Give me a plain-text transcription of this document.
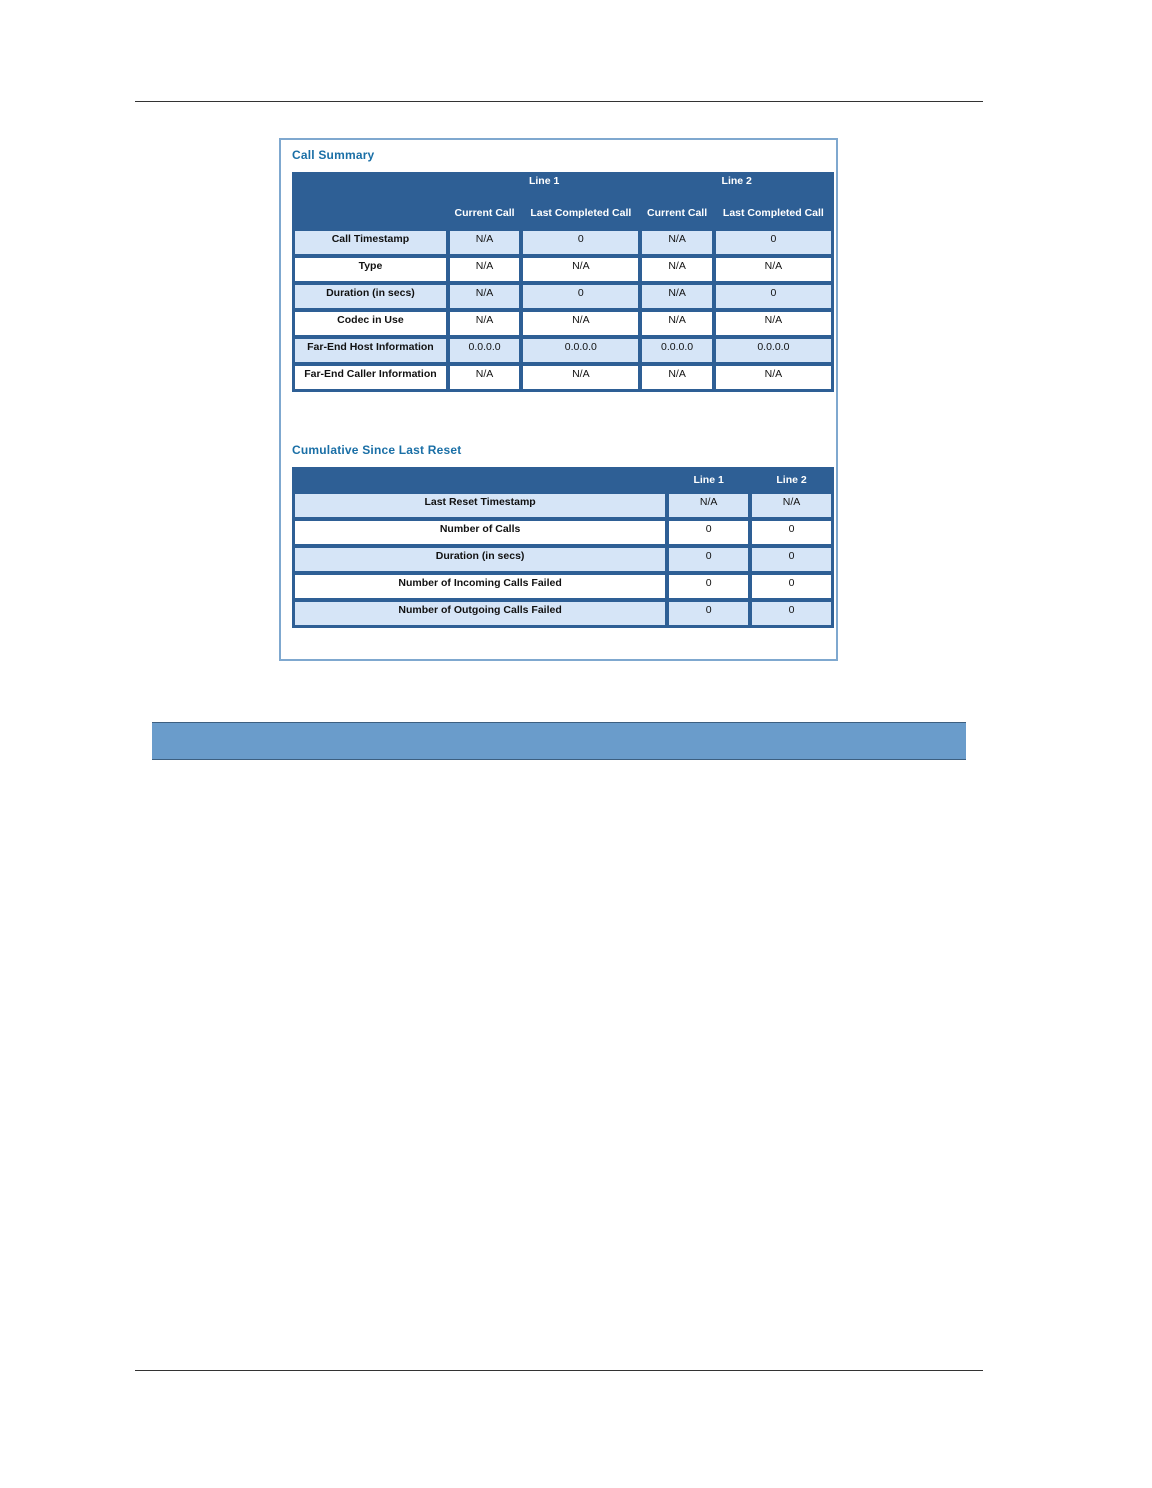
Call Summary
	Line 1		Line 2	
	Current Call	Last Completed Call	Current Call	Last Completed Call
Call Timestamp	N/A	0	N/A	0
Type	N/A	N/A	N/A	N/A
Duration (in secs)	N/A	0	N/A	0
Codec in Use	N/A	N/A	N/A	N/A
Far-End Host Information	0.0.0.0	0.0.0.0	0.0.0.0	0.0.0.0
Far-End Caller Information	N/A	N/A	N/A	N/A
Cumulative Since Last Reset
	Line 1	Line 2
Last Reset Timestamp	N/A	N/A
Number of Calls	0	0
Duration (in secs)	0	0
Number of Incoming Calls Failed	0	0
Number of Outgoing Calls Failed	0	0
